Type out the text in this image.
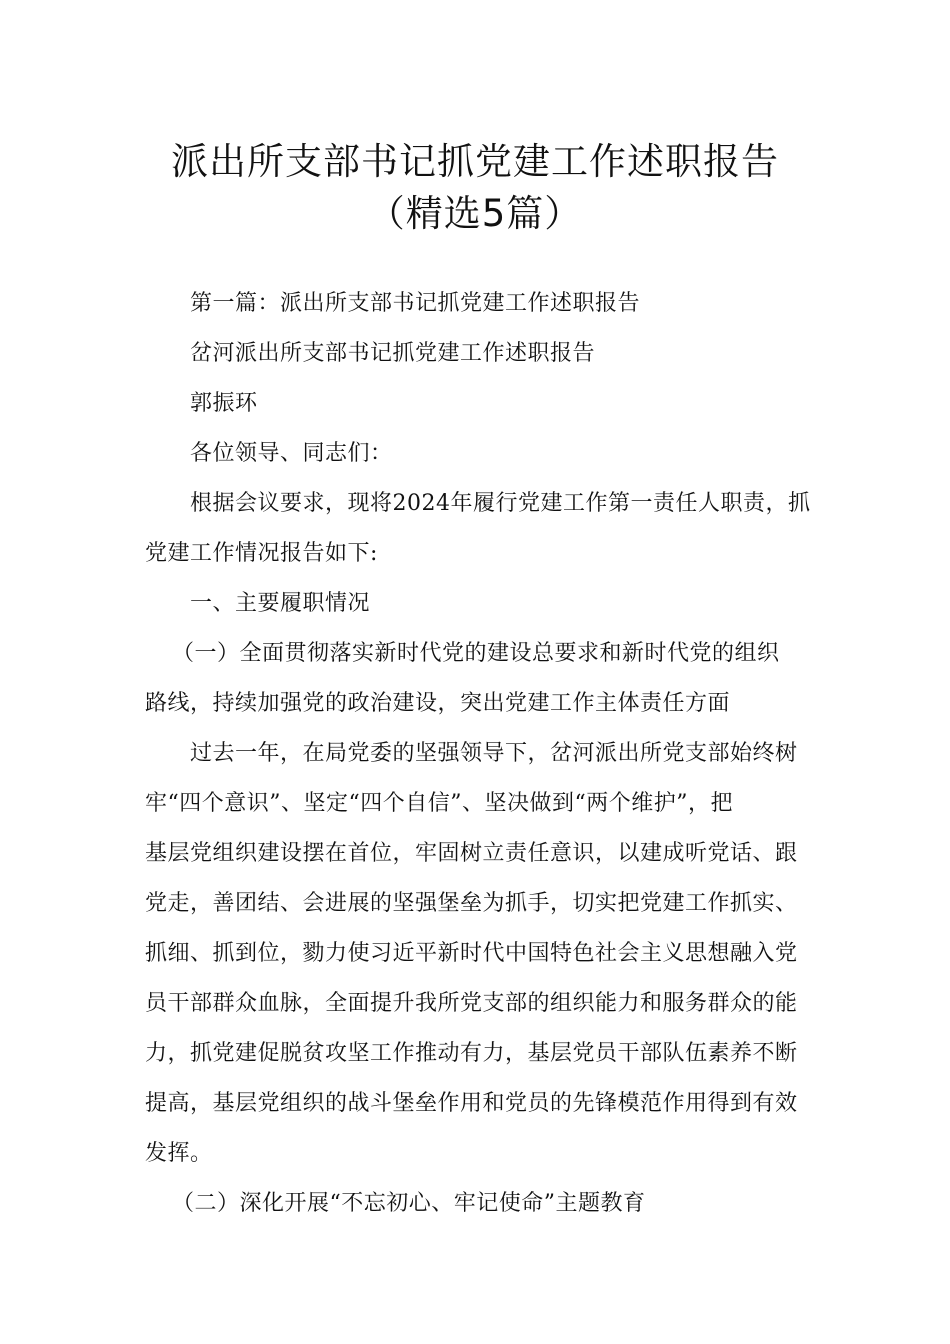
派出所支部书记抓党建工作述职报告
（精选5篇）
第一篇：派出所支部书记抓党建工作述职报告
岔河派出所支部书记抓党建工作述职报告
郭振环
各位领导、同志们：
根据会议要求，现将2024年履行党建工作第一责任人职责，抓
党建工作情况报告如下:
一、主要履职情况
（一）全面贯彻落实新时代党的建设总要求和新时代党的组织
路线，持续加强党的政治建设，突出党建工作主体责任方面
过去一年，在局党委的坚强领导下，岔河派出所党支部始终树
牢“四个意识”、坚定“四个自信”、坚决做到“两个维护”，把
基层党组织建设摆在首位，牢固树立责任意识，以建成听党话、跟
党走，善团结、会进展的坚强堡垒为抓手，切实把党建工作抓实、
抓细、抓到位，勠力使习近平新时代中国特色社会主义思想融入党
员干部群众血脉，全面提升我所党支部的组织能力和服务群众的能
力，抓党建促脱贫攻坚工作推动有力，基层党员干部队伍素养不断
提高，基层党组织的战斗堡垒作用和党员的先锋模范作用得到有效
发挥。
（二）深化开展“不忘初心、牢记使命”主题教育
